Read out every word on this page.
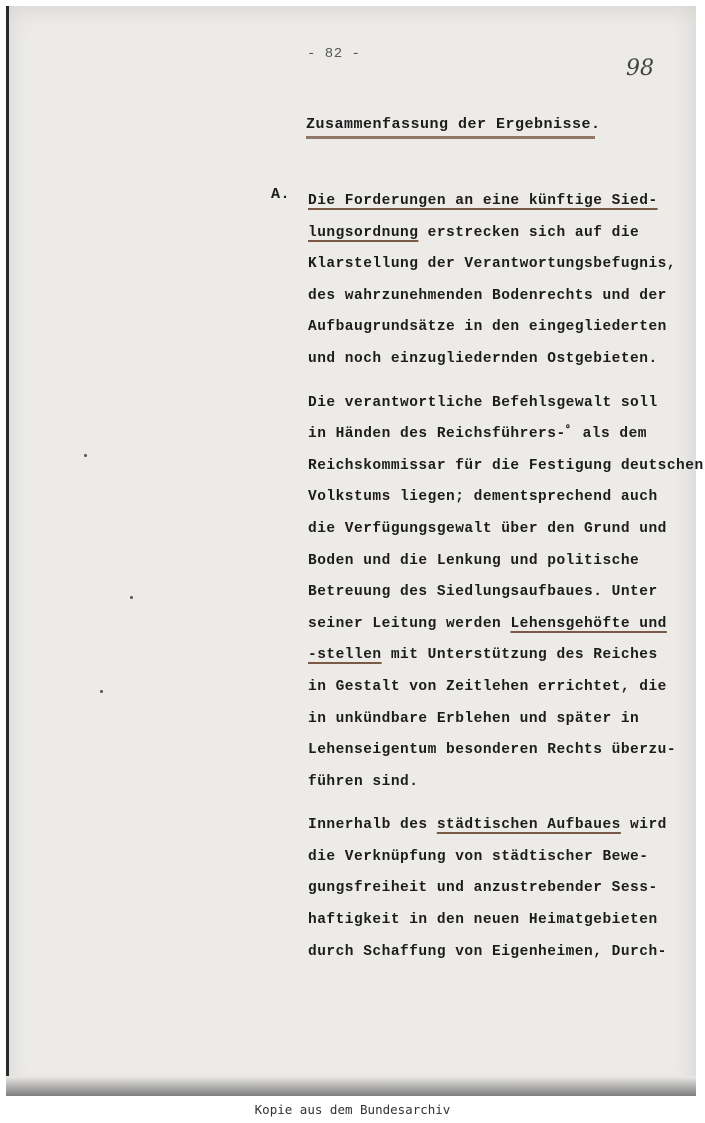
- 82 -
98
Zusammenfassung der Ergebnisse.
A. Die Forderungen an eine künftige Sied-
lungsordnung erstrecken sich auf die
Klarstellung der Verantwortungsbefugnis,
des wahrzunehmenden Bodenrechts und der
Aufbaugrundsätze in den eingegliederten
und noch einzugliedernden Ostgebieten.
Die verantwortliche Befehlsgewalt soll
in Händen des Reichsführers-ﾟ als dem
Reichskommissar für die Festigung deutschen
Volkstums liegen; dementsprechend auch
die Verfügungsgewalt über den Grund und
Boden und die Lenkung und politische
Betreuung des Siedlungsaufbaues. Unter
seiner Leitung werden Lehensgehöfte und
-stellen mit Unterstützung des Reiches
in Gestalt von Zeitlehen errichtet, die
in unkündbare Erblehen und später in
Lehenseigentum besonderen Rechts überzu-
führen sind.
Innerhalb des städtischen Aufbaues wird
die Verknüpfung von städtischer Bewe-
gungsfreiheit und anzustrebender Sess-
haftigkeit in den neuen Heimatgebieten
durch Schaffung von Eigenheimen, Durch-
Kopie aus dem Bundesarchiv
